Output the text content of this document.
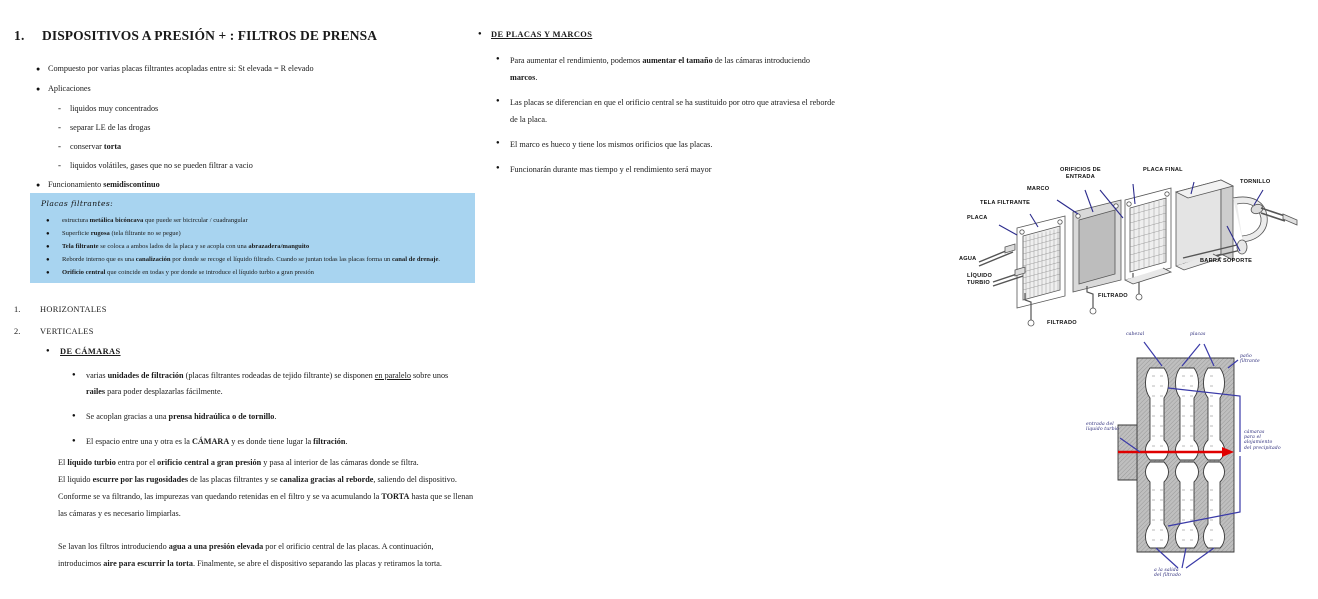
1.	DISPOSITIVOS A PRESIÓN + : FILTROS DE PRENSA
● Compuesto por varias placas filtrantes acopladas entre si: St elevada = R elevado
● Aplicaciones
-	liquidos muy concentrados
-	separar LE de las drogas
-	conservar torta
-	liquidos volátiles, gases que no se pueden filtrar a vacio
● Funcionamiento semidiscontinuo
Placas filtrantes:
●	estructura metálica bicóncava que puede ser bicircular / cuadrangular
●	Superficie rugosa (tela filtrante no se pegue)
●	Tela filtrante se coloca a ambos lados de la placa y se acopla con una abrazadera/manguito
●	Reborde interno que es una canalización por donde se recoge el líquido filtrado. Cuando se juntan todas las placas forma un canal de drenaje.
●	Orificio central que coincide en todas y por donde se introduce el líquido turbio a gran presión
1.	HORIZONTALES
2.	VERTICALES
●	DE CÁMARAS
●	varias unidades de filtración (placas filtrantes rodeadas de tejido filtrante) se disponen en paralelo sobre unos railes para poder desplazarlas fácilmente.
●	Se acoplan gracias a una prensa hidraúlica o de tornillo.
●	El espacio entre una y otra es la CÁMARA y es donde tiene lugar la filtración.
El líquido turbio entra por el orificio central a gran presión y pasa al interior de las cámaras donde se filtra.
El liquido escurre por las rugosidades de las placas filtrantes y se canaliza gracias al reborde, saliendo del dispositivo.
Conforme se va filtrando, las impurezas van quedando retenidas en el filtro y se va acumulando la TORTA hasta que se llenan
las cámaras y es necesario limpiarlas.
Se lavan los filtros introduciendo agua a una presión elevada por el orificio central de las placas. A continuación,
introducimos aire para escurrir la torta. Finalmente, se abre el dispositivo separando las placas y retiramos la torta.
●	DE PLACAS Y MARCOS
●	Para aumentar el rendimiento, podemos aumentar el tamaño de las cámaras introduciendo marcos.
●	Las placas se diferencian en que el orificio central se ha sustituido por otro que atraviesa el reborde de la placa.
●	El marco es hueco y tiene los mismos orificios que las placas.
●	Funcionarán durante mas tiempo y el rendimiento será mayor	ORIFICIOS DE
ENTRADA
PLACA FINAL
TORNILLO
MARCO
TELA FILTRANTE
PLACA
AGUA
LÍQUIDO
TURBIO
BARRA SOPORTE
FILTRADO
FILTRADO
cabezal	placas
paño
filtrante
entrada del
líquido turbio
cámaras
para el
alojamiento
del precipitado
a la salida
del filtrado
